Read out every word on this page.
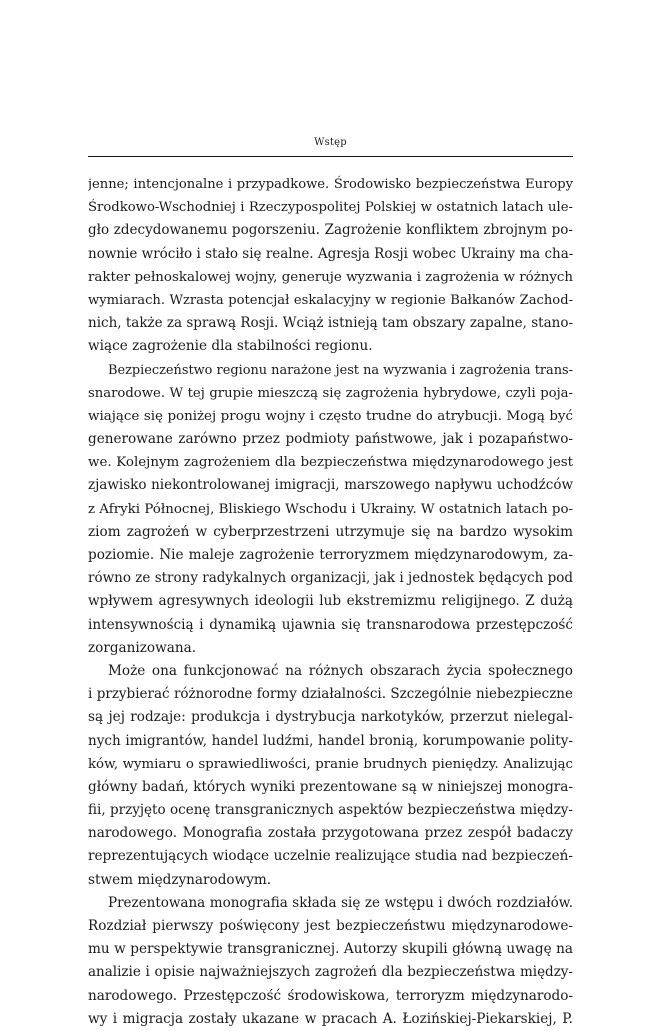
Wstęp
jenne; intencjonalne i przypadkowe. Środowisko bezpieczeństwa Europy
Środkowo-Wschodniej i Rzeczypospolitej Polskiej w ostatnich latach ule-
gło zdecydowanemu pogorszeniu. Zagrożenie konfliktem zbrojnym po-
nownie wróciło i stało się realne. Agresja Rosji wobec Ukrainy ma cha-
rakter pełnoskalowej wojny, generuje wyzwania i zagrożenia w różnych
wymiarach. Wzrasta potencjał eskalacyjny w regionie Bałkanów Zachod-
nich, także za sprawą Rosji. Wciąż istnieją tam obszary zapalne, stano-
wiące zagrożenie dla stabilności regionu.
Bezpieczeństwo regionu narażone jest na wyzwania i zagrożenia trans-
snarodowe. W tej grupie mieszczą się zagrożenia hybrydowe, czyli poja-
wiające się poniżej progu wojny i często trudne do atrybucji. Mogą być
generowane zarówno przez podmioty państwowe, jak i pozapaństwo-
we. Kolejnym zagrożeniem dla bezpieczeństwa międzynarodowego jest
zjawisko niekontrolowanej imigracji, marszowego napływu uchodźców
z Afryki Północnej, Bliskiego Wschodu i Ukrainy. W ostatnich latach po-
ziom zagrożeń w cyberprzestrzeni utrzymuje się na bardzo wysokim
poziomie. Nie maleje zagrożenie terroryzmem międzynarodowym, za-
równo ze strony radykalnych organizacji, jak i jednostek będących pod
wpływem agresywnych ideologii lub ekstremizmu religijnego. Z dużą
intensywnością i dynamiką ujawnia się transnarodowa przestępczość
zorganizowana.
Może ona funkcjonować na różnych obszarach życia społecznego
i przybierać różnorodne formy działalności. Szczególnie niebezpieczne
są jej rodzaje: produkcja i dystrybucja narkotyków, przerzut nielegal-
nych imigrantów, handel ludźmi, handel bronią, korumpowanie polity-
ków, wymiaru o sprawiedliwości, pranie brudnych pieniędzy. Analizując
główny badań, których wyniki prezentowane są w niniejszej monogra-
fii, przyjęto ocenę transgranicznych aspektów bezpieczeństwa między-
narodowego. Monografia została przygotowana przez zespół badaczy
reprezentujących wiodące uczelnie realizujące studia nad bezpieczeń-
stwem międzynarodowym.
Prezentowana monografia składa się ze wstępu i dwóch rozdziałów.
Rozdział pierwszy poświęcony jest bezpieczeństwu międzynarodowe-
mu w perspektywie transgranicznej. Autorzy skupili główną uwagę na
analizie i opisie najważniejszych zagrożeń dla bezpieczeństwa między-
narodowego. Przestępczość środowiskowa, terroryzm międzynarodo-
wy i migracja zostały ukazane w pracach A. Łozińskiej-Piekarskiej, P.
